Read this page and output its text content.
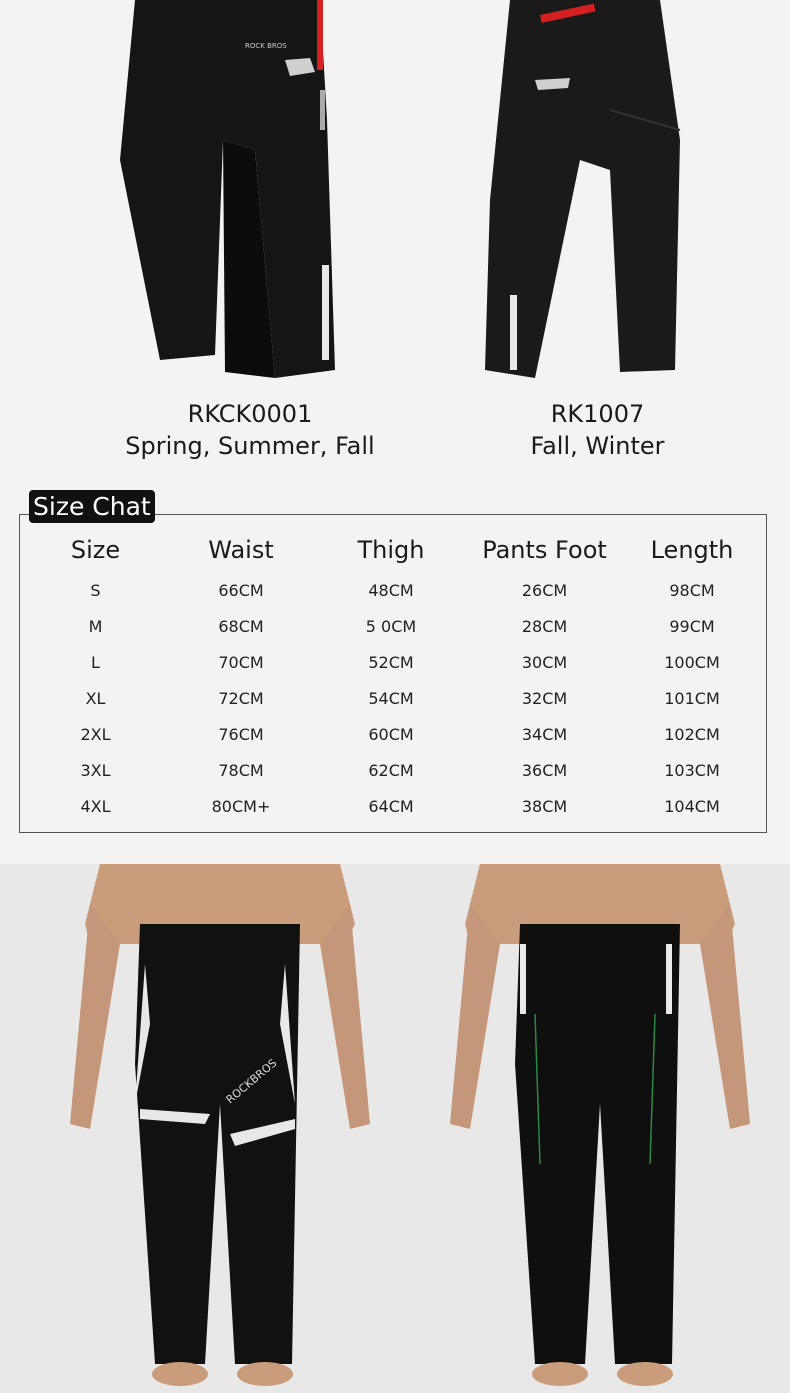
ROCK BROS
RKCK0001
Spring, Summer, Fall
RK1007
Fall, Winter
Size Chat
Size	Waist	Thigh	Pants Foot	Length
S	66CM	48CM	26CM	98CM
M	68CM	5 0CM	28CM	99CM
L	70CM	52CM	30CM	100CM
XL	72CM	54CM	32CM	101CM
2XL	76CM	60CM	34CM	102CM
3XL	78CM	62CM	36CM	103CM
4XL	80CM+	64CM	38CM	104CM
ROCKBROS
